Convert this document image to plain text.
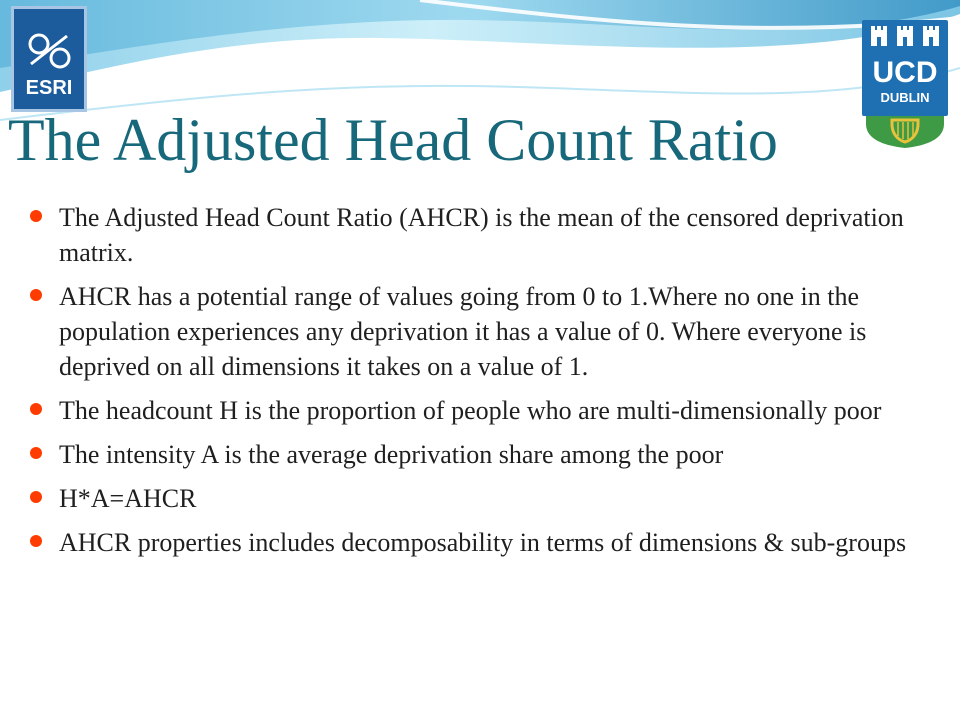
ESRI	UCD
DUBLIN
The Adjusted Head Count Ratio
The Adjusted Head Count Ratio (AHCR) is the mean of the censored deprivation matrix.
AHCR has a potential range of values going from 0 to 1.Where no one in the population experiences any deprivation it has a value of 0. Where everyone is deprived on all dimensions it takes on a value of 1.
The headcount H is the proportion of people who are multi-dimensionally poor
The intensity A is the average deprivation share among the poor
H*A=AHCR
AHCR properties includes decomposability in terms of dimensions & sub-groups
